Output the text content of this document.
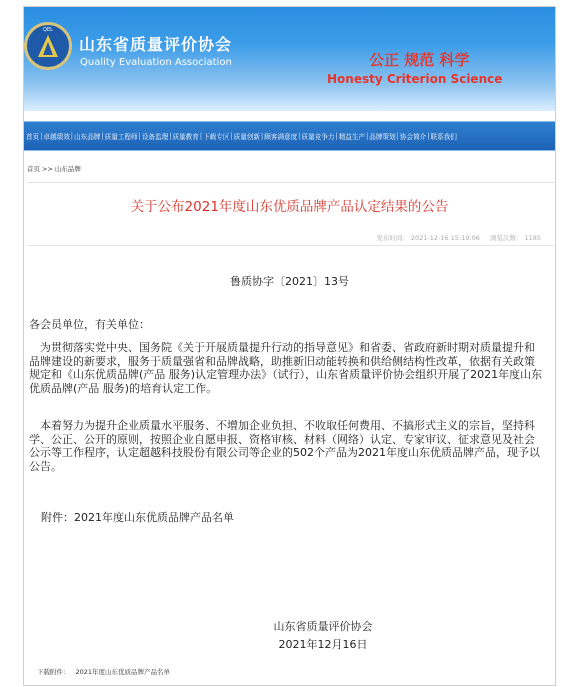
QEL
山东省质量评价协会
Quality Evaluation Association	公正 规范 科学
Honesty Criterion Science
首页 | 卓越绩效 | 山东品牌 | 质量工程师 | 设备监理 | 质量教育 | 下载专区 | 质量创新 | 顾客满意度 | 质量竞争力 | 精益生产 | 品牌策划 | 协会简介 | 联系我们
首页 >> 山东品牌
关于公布2021年度山东优质品牌产品认定结果的公告
发布时间： 2021-12-16 15:19:06 浏览次数： 1185
鲁质协字〔2021〕13号

各会员单位，有关单位：

为贯彻落实党中央、国务院《关于开展质量提升行动的指导意见》和省委、省政府新时期对质量提升和品牌建设的新要求，服务于质量强省和品牌战略，助推新旧动能转换和供给侧结构性改革，依据有关政策规定和《山东优质品牌(产品 服务)认定管理办法》（试行），山东省质量评价协会组织开展了2021年度山东优质品牌(产品 服务)的培育认定工作。

本着努力为提升企业质量水平服务、不增加企业负担、不收取任何费用、不搞形式主义的宗旨，坚持科学、公正、公开的原则，按照企业自愿申报、资格审核、材料（网络）认定、专家审议、征求意见及社会公示等工作程序，认定超越科技股份有限公司等企业的502个产品为2021年度山东优质品牌产品，现予以公告。

附件：2021年度山东优质品牌产品名单
山东省质量评价协会
2021年12月16日
下载附件： 2021年度山东优质品牌产品名单
